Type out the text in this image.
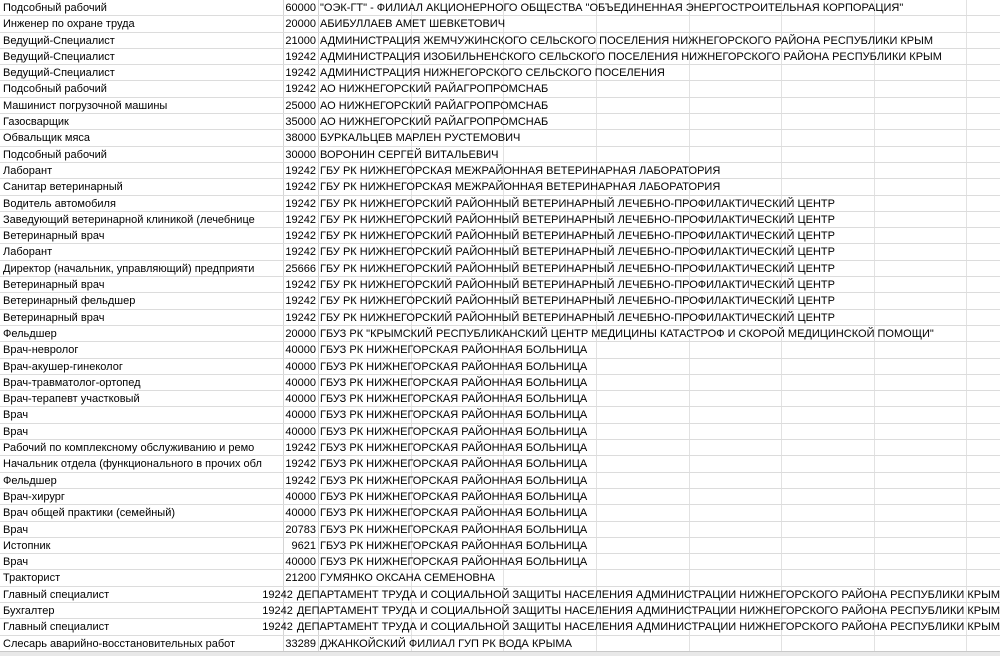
Подсобный рабочий	60000 "ОЭК-ГТ" - ФИЛИАЛ АКЦИОНЕРНОГО ОБЩЕСТВА "ОБЪЕДИНЕННАЯ ЭНЕРГОСТРОИТЕЛЬНАЯ КОРПОРАЦИЯ"
Инженер по охране труда	20000 АБИБУЛЛАЕВ АМЕТ ШЕВКЕТОВИЧ
Ведущий-Специалист	21000 АДМИНИСТРАЦИЯ ЖЕМЧУЖИНСКОГО СЕЛЬСКОГО ПОСЕЛЕНИЯ НИЖНЕГОРСКОГО РАЙОНА РЕСПУБЛИКИ КРЫМ
Ведущий-Специалист	19242 АДМИНИСТРАЦИЯ ИЗОБИЛЬНЕНСКОГО СЕЛЬСКОГО ПОСЕЛЕНИЯ НИЖНЕГОРСКОГО РАЙОНА РЕСПУБЛИКИ КРЫМ
Ведущий-Специалист	19242 АДМИНИСТРАЦИЯ НИЖНЕГОРСКОГО СЕЛЬСКОГО ПОСЕЛЕНИЯ
Подсобный рабочий	19242 АО НИЖНЕГОРСКИЙ РАЙАГРОПРОМСНАБ
Машинист погрузочной машины	25000 АО НИЖНЕГОРСКИЙ РАЙАГРОПРОМСНАБ
Газосварщик	35000 АО НИЖНЕГОРСКИЙ РАЙАГРОПРОМСНАБ
Обвальщик мяса	38000 БУРКАЛЬЦЕВ МАРЛЕН РУСТЕМОВИЧ
Подсобный рабочий	30000 ВОРОНИН СЕРГЕЙ ВИТАЛЬЕВИЧ
Лаборант	19242 ГБУ РК НИЖНЕГОРСКАЯ МЕЖРАЙОННАЯ ВЕТЕРИНАРНАЯ ЛАБОРАТОРИЯ
Санитар ветеринарный	19242 ГБУ РК НИЖНЕГОРСКАЯ МЕЖРАЙОННАЯ ВЕТЕРИНАРНАЯ ЛАБОРАТОРИЯ
Водитель автомобиля	19242 ГБУ РК НИЖНЕГОРСКИЙ РАЙОННЫЙ ВЕТЕРИНАРНЫЙ ЛЕЧЕБНО-ПРОФИЛАКТИЧЕСКИЙ ЦЕНТР
Заведующий ветеринарной клиникой (лечебнице	19242 ГБУ РК НИЖНЕГОРСКИЙ РАЙОННЫЙ ВЕТЕРИНАРНЫЙ ЛЕЧЕБНО-ПРОФИЛАКТИЧЕСКИЙ ЦЕНТР
Ветеринарный врач	19242 ГБУ РК НИЖНЕГОРСКИЙ РАЙОННЫЙ ВЕТЕРИНАРНЫЙ ЛЕЧЕБНО-ПРОФИЛАКТИЧЕСКИЙ ЦЕНТР
Лаборант	19242 ГБУ РК НИЖНЕГОРСКИЙ РАЙОННЫЙ ВЕТЕРИНАРНЫЙ ЛЕЧЕБНО-ПРОФИЛАКТИЧЕСКИЙ ЦЕНТР
Директор (начальник, управляющий) предприяти	25666 ГБУ РК НИЖНЕГОРСКИЙ РАЙОННЫЙ ВЕТЕРИНАРНЫЙ ЛЕЧЕБНО-ПРОФИЛАКТИЧЕСКИЙ ЦЕНТР
Ветеринарный врач	19242 ГБУ РК НИЖНЕГОРСКИЙ РАЙОННЫЙ ВЕТЕРИНАРНЫЙ ЛЕЧЕБНО-ПРОФИЛАКТИЧЕСКИЙ ЦЕНТР
Ветеринарный фельдшер	19242 ГБУ РК НИЖНЕГОРСКИЙ РАЙОННЫЙ ВЕТЕРИНАРНЫЙ ЛЕЧЕБНО-ПРОФИЛАКТИЧЕСКИЙ ЦЕНТР
Ветеринарный врач	19242 ГБУ РК НИЖНЕГОРСКИЙ РАЙОННЫЙ ВЕТЕРИНАРНЫЙ ЛЕЧЕБНО-ПРОФИЛАКТИЧЕСКИЙ ЦЕНТР
Фельдшер	20000 ГБУЗ РК "КРЫМСКИЙ РЕСПУБЛИКАНСКИЙ ЦЕНТР МЕДИЦИНЫ КАТАСТРОФ И СКОРОЙ МЕДИЦИНСКОЙ ПОМОЩИ"
Врач-невролог	40000 ГБУЗ РК НИЖНЕГОРСКАЯ РАЙОННАЯ БОЛЬНИЦА
Врач-акушер-гинеколог	40000 ГБУЗ РК НИЖНЕГОРСКАЯ РАЙОННАЯ БОЛЬНИЦА
Врач-травматолог-ортопед	40000 ГБУЗ РК НИЖНЕГОРСКАЯ РАЙОННАЯ БОЛЬНИЦА
Врач-терапевт участковый	40000 ГБУЗ РК НИЖНЕГОРСКАЯ РАЙОННАЯ БОЛЬНИЦА
Врач	40000 ГБУЗ РК НИЖНЕГОРСКАЯ РАЙОННАЯ БОЛЬНИЦА
Врач	40000 ГБУЗ РК НИЖНЕГОРСКАЯ РАЙОННАЯ БОЛЬНИЦА
Рабочий по комплексному обслуживанию и ремо	19242 ГБУЗ РК НИЖНЕГОРСКАЯ РАЙОННАЯ БОЛЬНИЦА
Начальник отдела (функционального в прочих обл	19242 ГБУЗ РК НИЖНЕГОРСКАЯ РАЙОННАЯ БОЛЬНИЦА
Фельдшер	19242 ГБУЗ РК НИЖНЕГОРСКАЯ РАЙОННАЯ БОЛЬНИЦА
Врач-хирург	40000 ГБУЗ РК НИЖНЕГОРСКАЯ РАЙОННАЯ БОЛЬНИЦА
Врач общей практики (семейный)	40000 ГБУЗ РК НИЖНЕГОРСКАЯ РАЙОННАЯ БОЛЬНИЦА
Врач	20783 ГБУЗ РК НИЖНЕГОРСКАЯ РАЙОННАЯ БОЛЬНИЦА
Истопник	9621 ГБУЗ РК НИЖНЕГОРСКАЯ РАЙОННАЯ БОЛЬНИЦА
Врач	40000 ГБУЗ РК НИЖНЕГОРСКАЯ РАЙОННАЯ БОЛЬНИЦА
Тракторист	21200 ГУМЯНКО ОКСАНА СЕМЕНОВНА
Главный специалист	19242 ДЕПАРТАМЕНТ ТРУДА И СОЦИАЛЬНОЙ ЗАЩИТЫ НАСЕЛЕНИЯ АДМИНИСТРАЦИИ НИЖНЕГОРСКОГО РАЙОНА РЕСПУБЛИКИ КРЫМ
Бухгалтер	19242 ДЕПАРТАМЕНТ ТРУДА И СОЦИАЛЬНОЙ ЗАЩИТЫ НАСЕЛЕНИЯ АДМИНИСТРАЦИИ НИЖНЕГОРСКОГО РАЙОНА РЕСПУБЛИКИ КРЫМ
Главный специалист	19242 ДЕПАРТАМЕНТ ТРУДА И СОЦИАЛЬНОЙ ЗАЩИТЫ НАСЕЛЕНИЯ АДМИНИСТРАЦИИ НИЖНЕГОРСКОГО РАЙОНА РЕСПУБЛИКИ КРЫМ
Слесарь аварийно-восстановительных работ	33289 ДЖАНКОЙСКИЙ ФИЛИАЛ ГУП РК ВОДА КРЫМА
